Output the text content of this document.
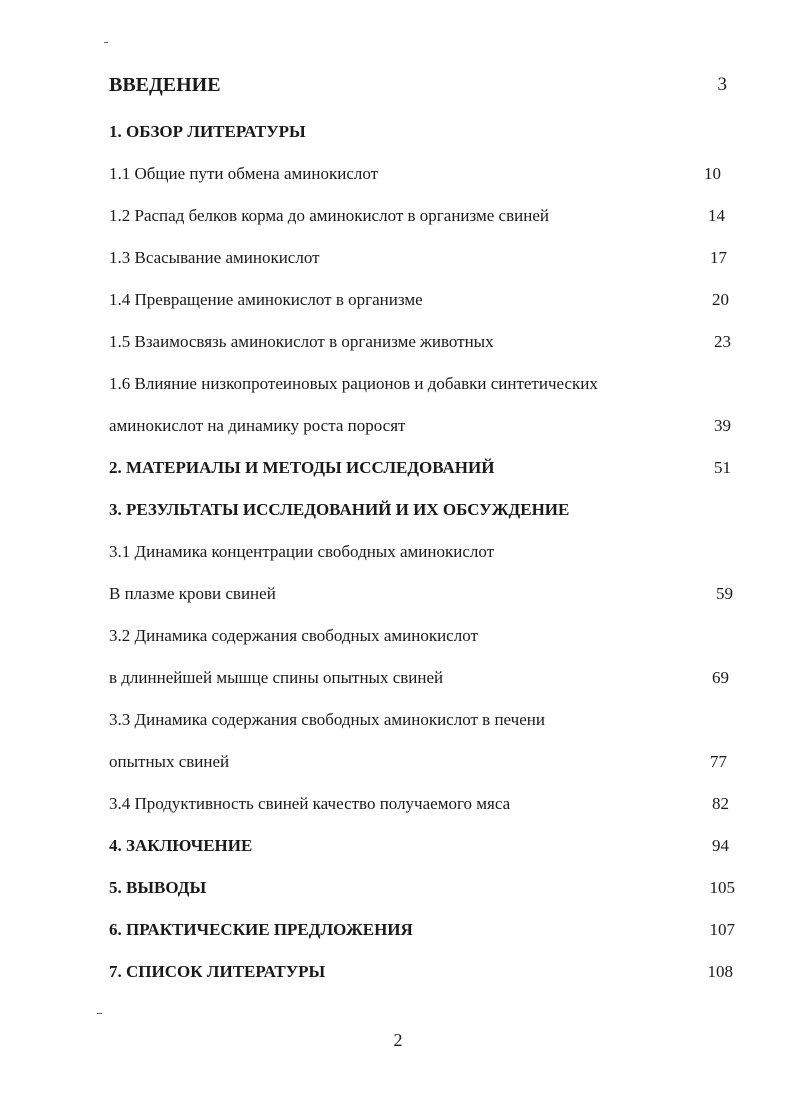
ВВЕДЕНИЕ	3
1. ОБЗОР ЛИТЕРАТУРЫ
1.1 Общие пути обмена аминокислот	10
1.2 Распад белков корма до аминокислот в организме свиней	14
1.3 Всасывание аминокислот	17
1.4 Превращение аминокислот в организме	20
1.5 Взаимосвязь аминокислот в организме животных	23
1.6 Влияние низкопротеиновых рационов и добавки синтетических
аминокислот на динамику роста поросят	39
2. МАТЕРИАЛЫ И МЕТОДЫ ИССЛЕДОВАНИЙ	51
3. РЕЗУЛЬТАТЫ ИССЛЕДОВАНИЙ И ИХ ОБСУЖДЕНИЕ
3.1 Динамика концентрации свободных аминокислот
В плазме крови свиней	59
3.2 Динамика содержания свободных аминокислот
в длиннейшей мышце спины опытных свиней	69
3.3 Динамика содержания свободных аминокислот в печени
опытных свиней	77
3.4 Продуктивность свиней качество получаемого мяса	82
4. ЗАКЛЮЧЕНИЕ	94
5. ВЫВОДЫ	105
6. ПРАКТИЧЕСКИЕ ПРЕДЛОЖЕНИЯ	107
7. СПИСОК ЛИТЕРАТУРЫ	108
2
